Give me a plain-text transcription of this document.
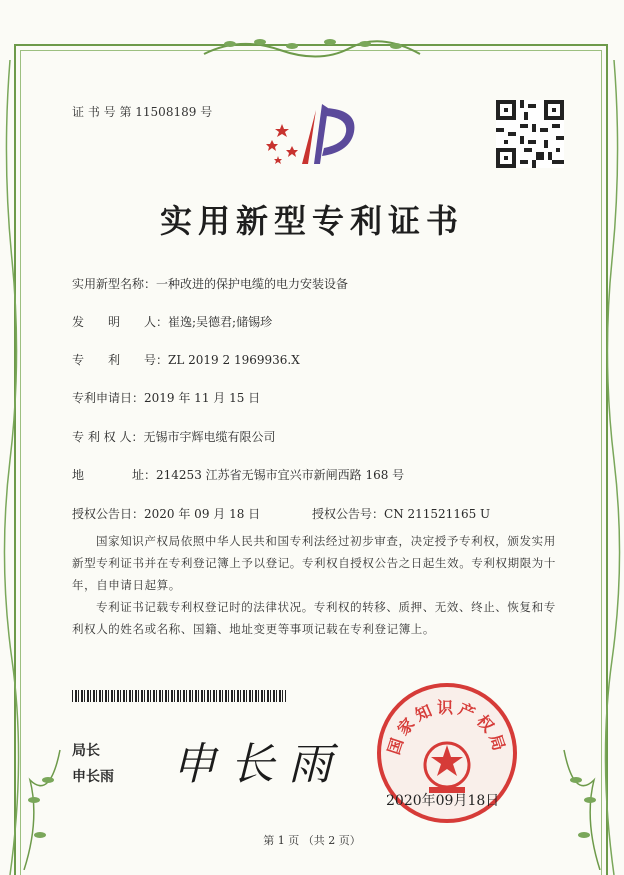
证 书 号 第 11508189 号
实用新型专利证书
实用新型名称：一种改进的保护电缆的电力安装设备
发　　明　　人：崔逸;吴德君;储锡珍
专　　利　　号：ZL 2019 2 1969936.X
专利申请日：2019 年 11 月 15 日
专 利 权 人：无锡市宇辉电缆有限公司
地　　　　址：214253 江苏省无锡市宜兴市新闸西路 168 号
授权公告日：2020 年 09 月 18 日	授权公告号：CN 211521165 U
国家知识产权局依照中华人民共和国专利法经过初步审查，决定授予专利权，颁发实用新型专利证书并在专利登记簿上予以登记。专利权自授权公告之日起生效。专利权期限为十年，自申请日起算。
专利证书记载专利权登记时的法律状况。专利权的转移、质押、无效、终止、恢复和专利权人的姓名或名称、国籍、地址变更等事项记载在专利登记簿上。
局长
申长雨 申长雨 国家知识产权局
2020年09月18日
第 1 页 （共 2 页）
